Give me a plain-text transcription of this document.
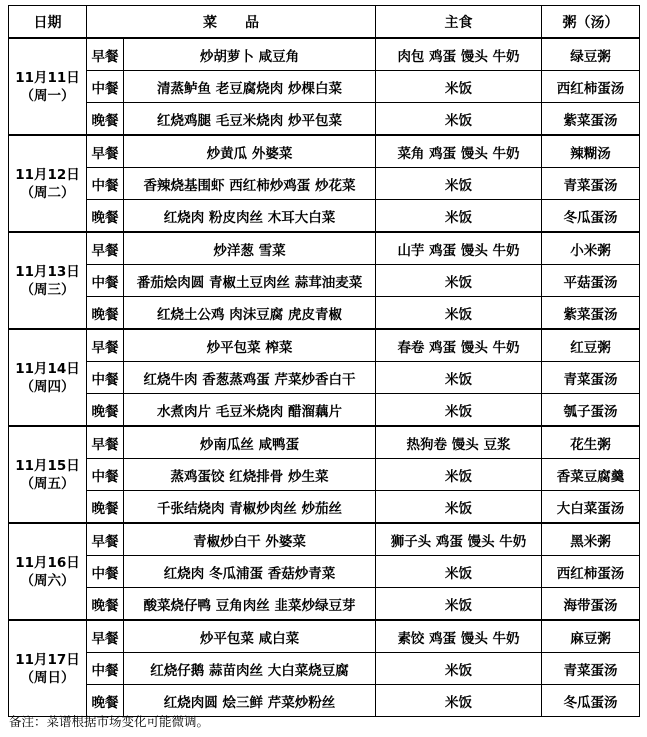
日期	菜　　品		主食	粥（汤）

11月11日
（周一）	早餐	炒胡萝卜 咸豆角	肉包 鸡蛋 馒头 牛奶	绿豆粥
	中餐	清蒸鲈鱼 老豆腐烧肉 炒棵白菜	米饭	西红柿蛋汤
	晚餐	红烧鸡腿 毛豆米烧肉 炒平包菜	米饭	紫菜蛋汤

11月12日
（周二）	早餐	炒黄瓜 外婆菜	菜角 鸡蛋 馒头 牛奶	辣糊汤
	中餐	香辣烧基围虾 西红柿炒鸡蛋 炒花菜	米饭	青菜蛋汤
	晚餐	红烧肉 粉皮肉丝 木耳大白菜	米饭	冬瓜蛋汤

11月13日
（周三）	早餐	炒洋葱 雪菜	山芋 鸡蛋 馒头 牛奶	小米粥
	中餐	番茄烩肉圆 青椒土豆肉丝 蒜茸油麦菜	米饭	平菇蛋汤
	晚餐	红烧土公鸡 肉沫豆腐 虎皮青椒	米饭	紫菜蛋汤

11月14日
（周四）	早餐	炒平包菜 榨菜	春卷 鸡蛋 馒头 牛奶	红豆粥
	中餐	红烧牛肉 香葱蒸鸡蛋 芹菜炒香白干	米饭	青菜蛋汤
	晚餐	水煮肉片 毛豆米烧肉 醋溜藕片	米饭	瓠子蛋汤

11月15日
（周五）	早餐	炒南瓜丝 咸鸭蛋	热狗卷 馒头 豆浆	花生粥
	中餐	蒸鸡蛋饺 红烧排骨 炒生菜	米饭	香菜豆腐羹
	晚餐	千张结烧肉 青椒炒肉丝 炒茄丝	米饭	大白菜蛋汤

11月16日
（周六）	早餐	青椒炒白干 外婆菜	狮子头 鸡蛋 馒头 牛奶	黑米粥
	中餐	红烧肉 冬瓜浦蛋 香菇炒青菜	米饭	西红柿蛋汤
	晚餐	酸菜烧仔鸭 豆角肉丝 韭菜炒绿豆芽	米饭	海带蛋汤

11月17日
（周日）	早餐	炒平包菜 咸白菜	素饺 鸡蛋 馒头 牛奶	麻豆粥
	中餐	红烧仔鹅 蒜苗肉丝 大白菜烧豆腐	米饭	青菜蛋汤
	晚餐	红烧肉圆 烩三鲜 芹菜炒粉丝	米饭	冬瓜蛋汤
备注：菜谱根据市场变化可能微调。
